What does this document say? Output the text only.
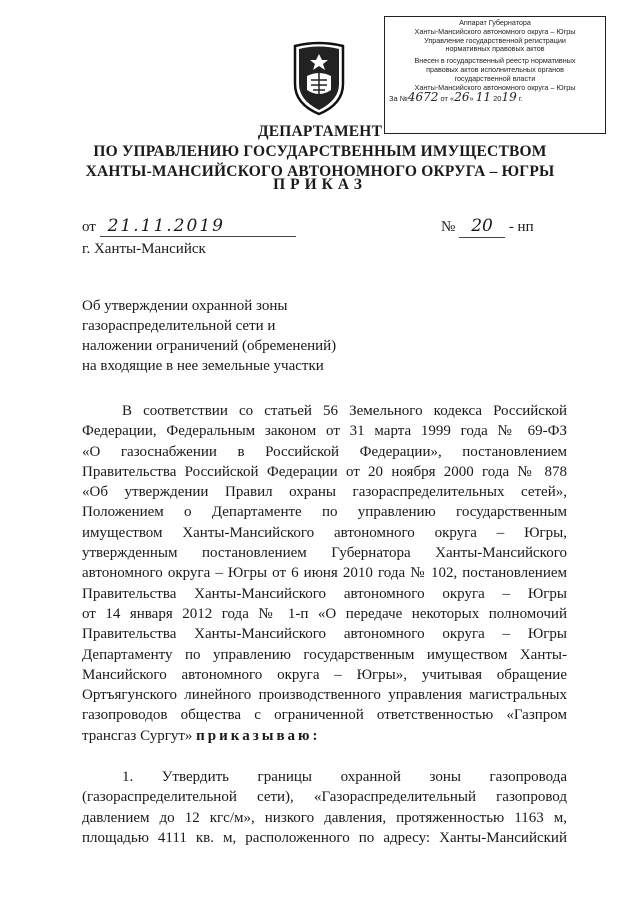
Аппарат Губернатора
Ханты-Мансийского автономного округа – Югры
Управление государственной регистрации
нормативных правовых актов
Внесен в государственный реестр нормативных
правовых актов исполнительных органов
государственной власти
Ханты-Мансийского автономного округа – Югры
За №4672 от «26» 11 2019 г.
ДЕПАРТАМЕНТ
ПО УПРАВЛЕНИЮ ГОСУДАРСТВЕННЫМ ИМУЩЕСТВОМ
ХАНТЫ-МАНСИЙСКОГО АВТОНОМНОГО ОКРУГА – ЮГРЫ
ПРИКАЗ
от 21.11.2019	№ 20 - нп
г. Ханты-Мансийск
Об утверждении охранной зоны
газораспределительной сети и
наложении ограничений (обременений)
на входящие в нее земельные участки
В соответствии со статьей 56 Земельного кодекса Российской
Федерации, Федеральным законом от 31 марта 1999 года № 69-ФЗ
«О газоснабжении в Российской Федерации», постановлением
Правительства Российской Федерации от 20 ноября 2000 года № 878
«Об утверждении Правил охраны газораспределительных сетей»,
Положением о Департаменте по управлению государственным
имуществом Ханты-Мансийского автономного округа – Югры,
утвержденным постановлением Губернатора Ханты-Мансийского
автономного округа – Югры от 6 июня 2010 года № 102, постановлением
Правительства Ханты-Мансийского автономного округа – Югры
от 14 января 2012 года № 1-п «О передаче некоторых полномочий
Правительства Ханты-Мансийского автономного округа – Югры
Департаменту по управлению государственным имуществом Ханты-
Мансийского автономного округа – Югры», учитывая обращение
Ортъягунского линейного производственного управления магистральных
газопроводов общества с ограниченной ответственностью «Газпром
трансгаз Сургут» приказываю:
1. Утвердить границы охранной зоны газопровода
(газораспределительной сети), «Газораспределительный газопровод
давлением до 12 кгс/м», низкого давления, протяженностью 1163 м,
площадью 4111 кв. м, расположенного по адресу: Ханты-Мансийский
